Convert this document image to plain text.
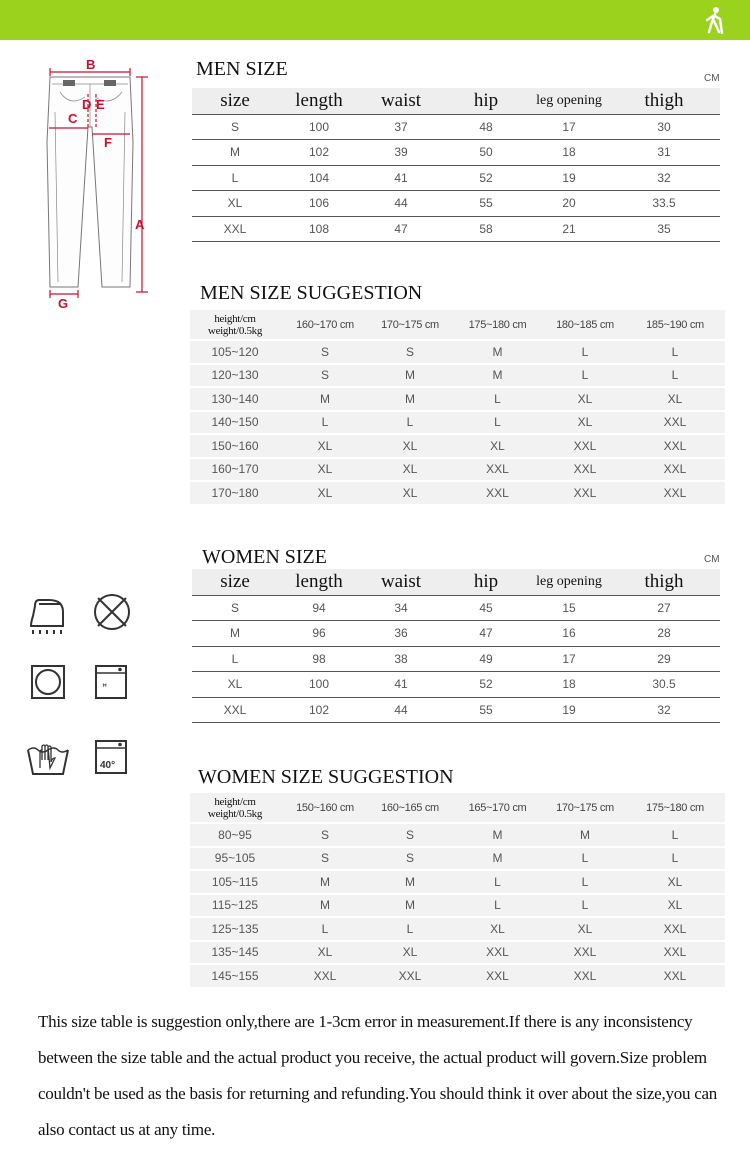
B
D E
C
F
A
G
ꟸ
40°
MEN SIZE	CM
size	length	waist	hip	leg opening	thigh
S	100	37	48	17	30
M	102	39	50	18	31
L	104	41	52	19	32
XL	106	44	55	20	33.5
XXL	108	47	58	21	35
MEN SIZE SUGGESTION
height/cm
weight/0.5kg	160~170 cm	170~175 cm	175~180 cm	180~185 cm	185~190 cm
105~120	S	S	M	L	L
120~130	S	M	M	L	L
130~140	M	M	L	XL	XL
140~150	L	L	L	XL	XXL
150~160	XL	XL	XL	XXL	XXL
160~170	XL	XL	XXL	XXL	XXL
170~180	XL	XL	XXL	XXL	XXL
WOMEN SIZE	CM
size	length	waist	hip	leg opening	thigh
S	94	34	45	15	27
M	96	36	47	16	28
L	98	38	49	17	29
XL	100	41	52	18	30.5
XXL	102	44	55	19	32
WOMEN SIZE SUGGESTION
height/cm
weight/0.5kg	150~160 cm	160~165 cm	165~170 cm	170~175 cm	175~180 cm
80~95	S	S	M	M	L
95~105	S	S	M	L	L
105~115	M	M	L	L	XL
115~125	M	M	L	L	XL
125~135	L	L	XL	XL	XXL
135~145	XL	XL	XXL	XXL	XXL
145~155	XXL	XXL	XXL	XXL	XXL

This size table is suggestion only,there are 1-3cm error in measurement.If there is any inconsistency between the size table and the actual product you receive, the actual product will govern.Size problem couldn't be used as the basis for returning and refunding.You should think it over about the size,you can also contact us at any time.
